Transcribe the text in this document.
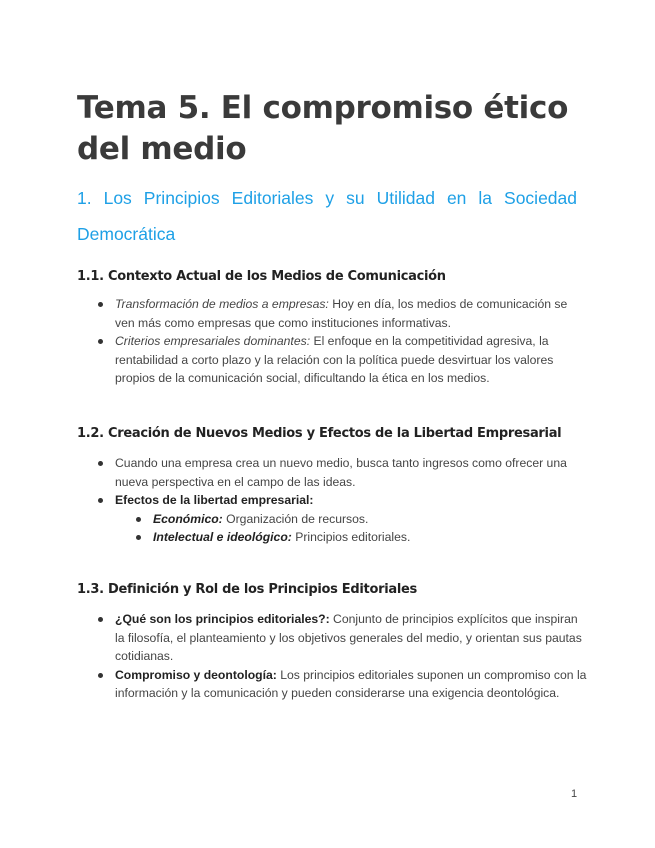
Tema 5. El compromiso ético del medio
1. Los Principios Editoriales y su Utilidad en la Sociedad Democrática
1.1. Contexto Actual de los Medios de Comunicación
Transformación de medios a empresas: Hoy en día, los medios de comunicación se ven más como empresas que como instituciones informativas.
Criterios empresariales dominantes: El enfoque en la competitividad agresiva, la rentabilidad a corto plazo y la relación con la política puede desvirtuar los valores propios de la comunicación social, dificultando la ética en los medios.
1.2. Creación de Nuevos Medios y Efectos de la Libertad Empresarial
Cuando una empresa crea un nuevo medio, busca tanto ingresos como ofrecer una nueva perspectiva en el campo de las ideas.
Efectos de la libertad empresarial:
Económico: Organización de recursos.
Intelectual e ideológico: Principios editoriales.
1.3. Definición y Rol de los Principios Editoriales
¿Qué son los principios editoriales?: Conjunto de principios explícitos que inspiran la filosofía, el planteamiento y los objetivos generales del medio, y orientan sus pautas cotidianas.
Compromiso y deontología: Los principios editoriales suponen un compromiso con la información y la comunicación y pueden considerarse una exigencia deontológica.
1
